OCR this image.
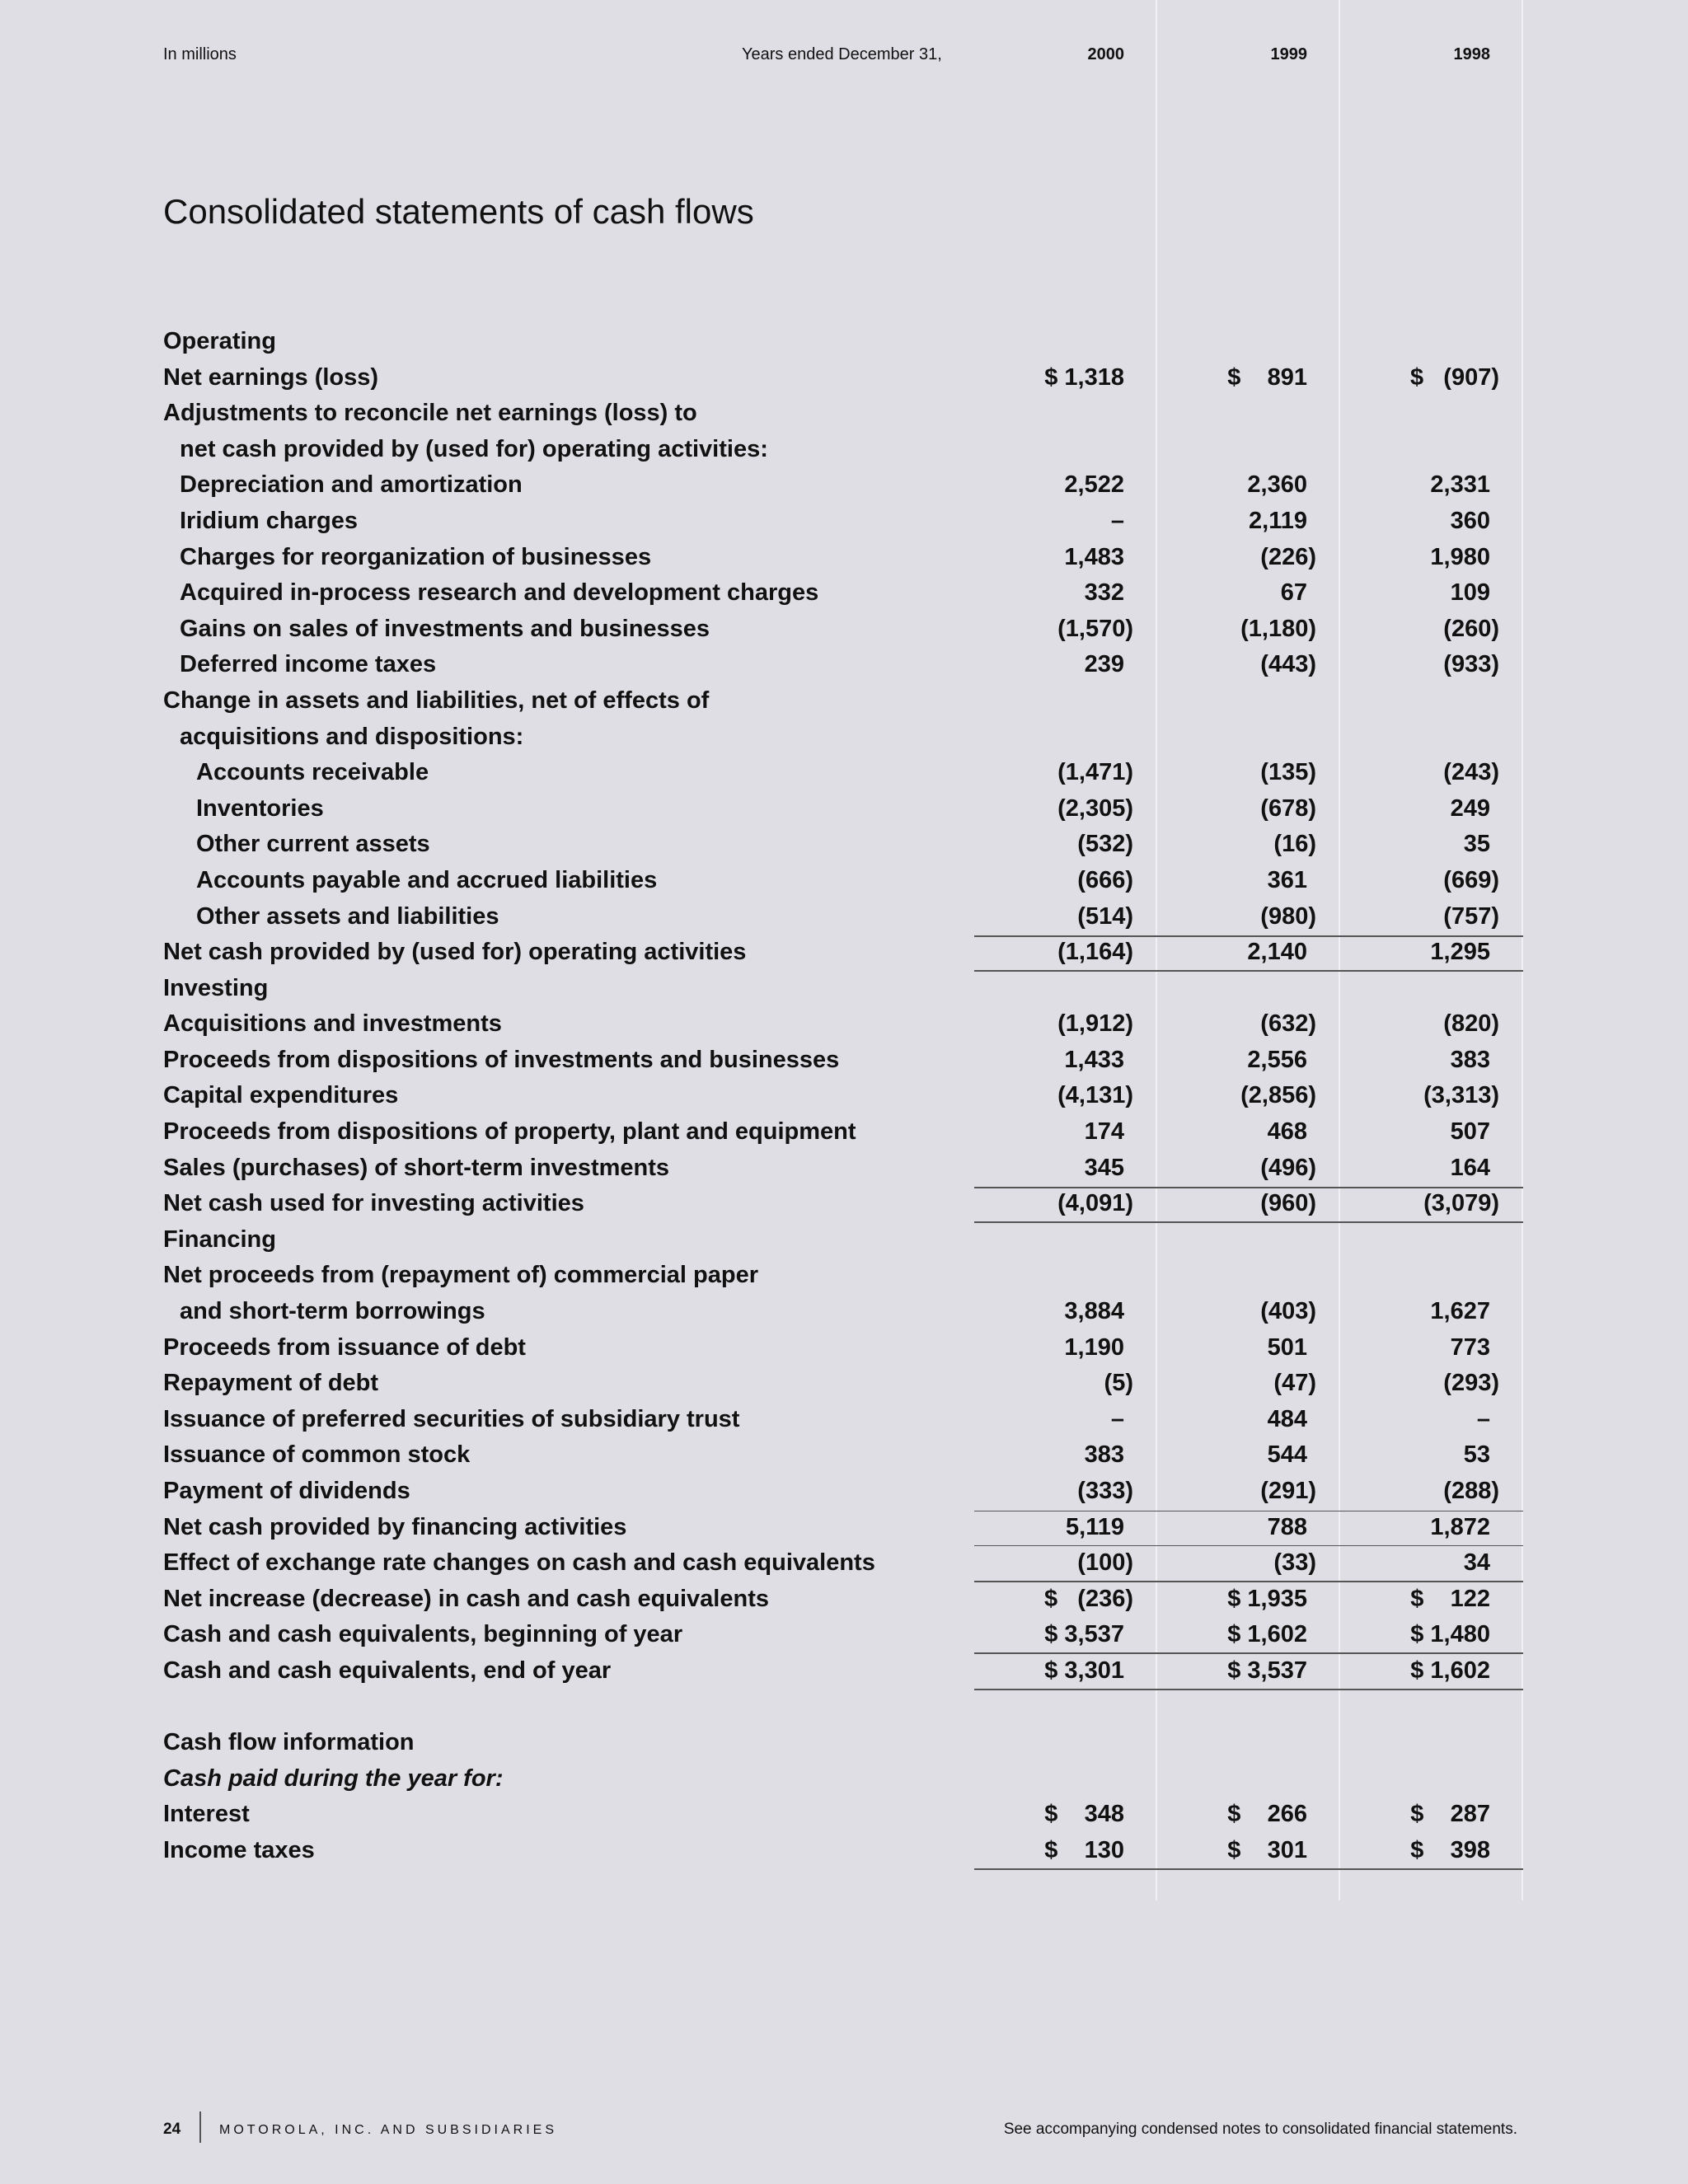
In millions	Years ended December 31,	2000	1999	1998
Consolidated statements of cash flows
Operating
Net earnings (loss)	$ 1,318	$    891	$   (907)
Adjustments to reconcile net earnings (loss) to
net cash provided by (used for) operating activities:
Depreciation and amortization	2,522	2,360	2,331
Iridium charges	–	2,119	360
Charges for reorganization of businesses	1,483	(226)	1,980
Acquired in-process research and development charges	332	67	109
Gains on sales of investments and businesses	(1,570)	(1,180)	(260)
Deferred income taxes	239	(443)	(933)
Change in assets and liabilities, net of effects of
acquisitions and dispositions:
Accounts receivable	(1,471)	(135)	(243)
Inventories	(2,305)	(678)	249
Other current assets	(532)	(16)	35
Accounts payable and accrued liabilities	(666)	361	(669)
Other assets and liabilities	(514)	(980)	(757)
Net cash provided by (used for) operating activities	(1,164)	2,140	1,295
Investing
Acquisitions and investments	(1,912)	(632)	(820)
Proceeds from dispositions of investments and businesses	1,433	2,556	383
Capital expenditures	(4,131)	(2,856)	(3,313)
Proceeds from dispositions of property, plant and equipment	174	468	507
Sales (purchases) of short-term investments	345	(496)	164
Net cash used for investing activities	(4,091)	(960)	(3,079)
Financing
Net proceeds from (repayment of) commercial paper
and short-term borrowings	3,884	(403)	1,627
Proceeds from issuance of debt	1,190	501	773
Repayment of debt	(5)	(47)	(293)
Issuance of preferred securities of subsidiary trust	–	484	–
Issuance of common stock	383	544	53
Payment of dividends	(333)	(291)	(288)
Net cash provided by financing activities	5,119	788	1,872
Effect of exchange rate changes on cash and cash equivalents	(100)	(33)	34
Net increase (decrease) in cash and cash equivalents	$   (236)	$ 1,935	$    122
Cash and cash equivalents, beginning of year	$ 3,537	$ 1,602	$ 1,480
Cash and cash equivalents, end of year	$ 3,301	$ 3,537	$ 1,602
Cash flow information
Cash paid during the year for:
Interest	$    348	$    266	$    287
Income taxes	$    130	$    301	$    398
24	MOTOROLA, INC. AND SUBSIDIARIES	See accompanying condensed notes to consolidated financial statements.
